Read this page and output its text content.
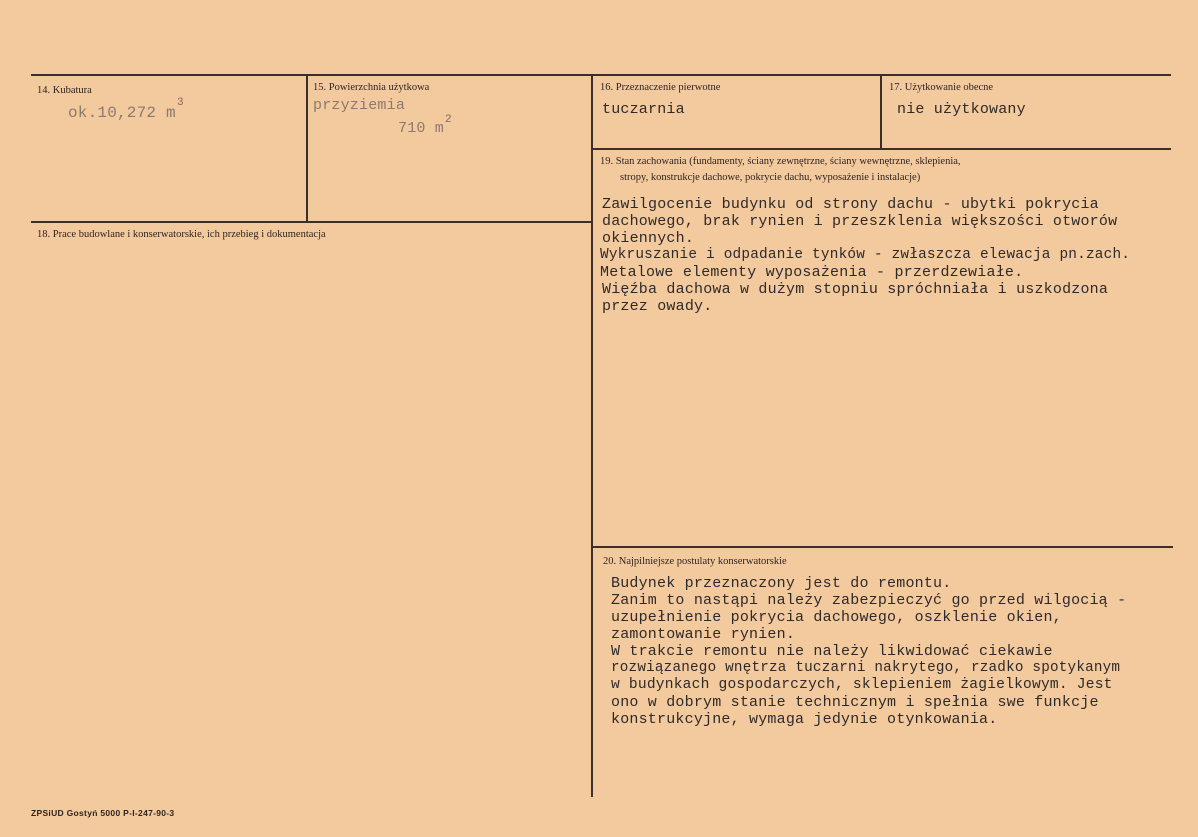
14. Kubatura
ok.10,272 m
3
15. Powierzchnia użytkowa
przyziemia
710 m 2
16. Przeznaczenie pierwotne
tuczarnia
17. Użytkowanie obecne
nie użytkowany
18. Prace budowlane i konserwatorskie, ich przebieg i dokumentacja
19. Stan zachowania (fundamenty, ściany zewnętrzne, ściany wewnętrzne, sklepienia,
stropy, konstrukcje dachowe, pokrycie dachu, wyposażenie i instalacje)
Zawilgocenie budynku od strony dachu - ubytki pokrycia
dachowego, brak rynien i przeszklenia większości otworów
okiennych.
Wykruszanie i odpadanie tynków - zwłaszcza elewacja pn.zach.
Metalowe elementy wyposażenia - przerdzewiałe.
Więźba dachowa w dużym stopniu spróchniała i uszkodzona
przez owady.
20. Najpilniejsze postulaty konserwatorskie
Budynek przeznaczony jest do remontu.
Zanim to nastąpi należy zabezpieczyć go przed wilgocią -
uzupełnienie pokrycia dachowego, oszklenie okien,
zamontowanie rynien.
W trakcie remontu nie należy likwidować ciekawie
rozwiązanego wnętrza tuczarni nakrytego, rzadko spotykanym
w budynkach gospodarczych, sklepieniem żagielkowym. Jest
ono w dobrym stanie technicznym i spełnia swe funkcje
konstrukcyjne, wymaga jedynie otynkowania.
ZPSiUD Gostyń 5000 P-I-247-90-3
